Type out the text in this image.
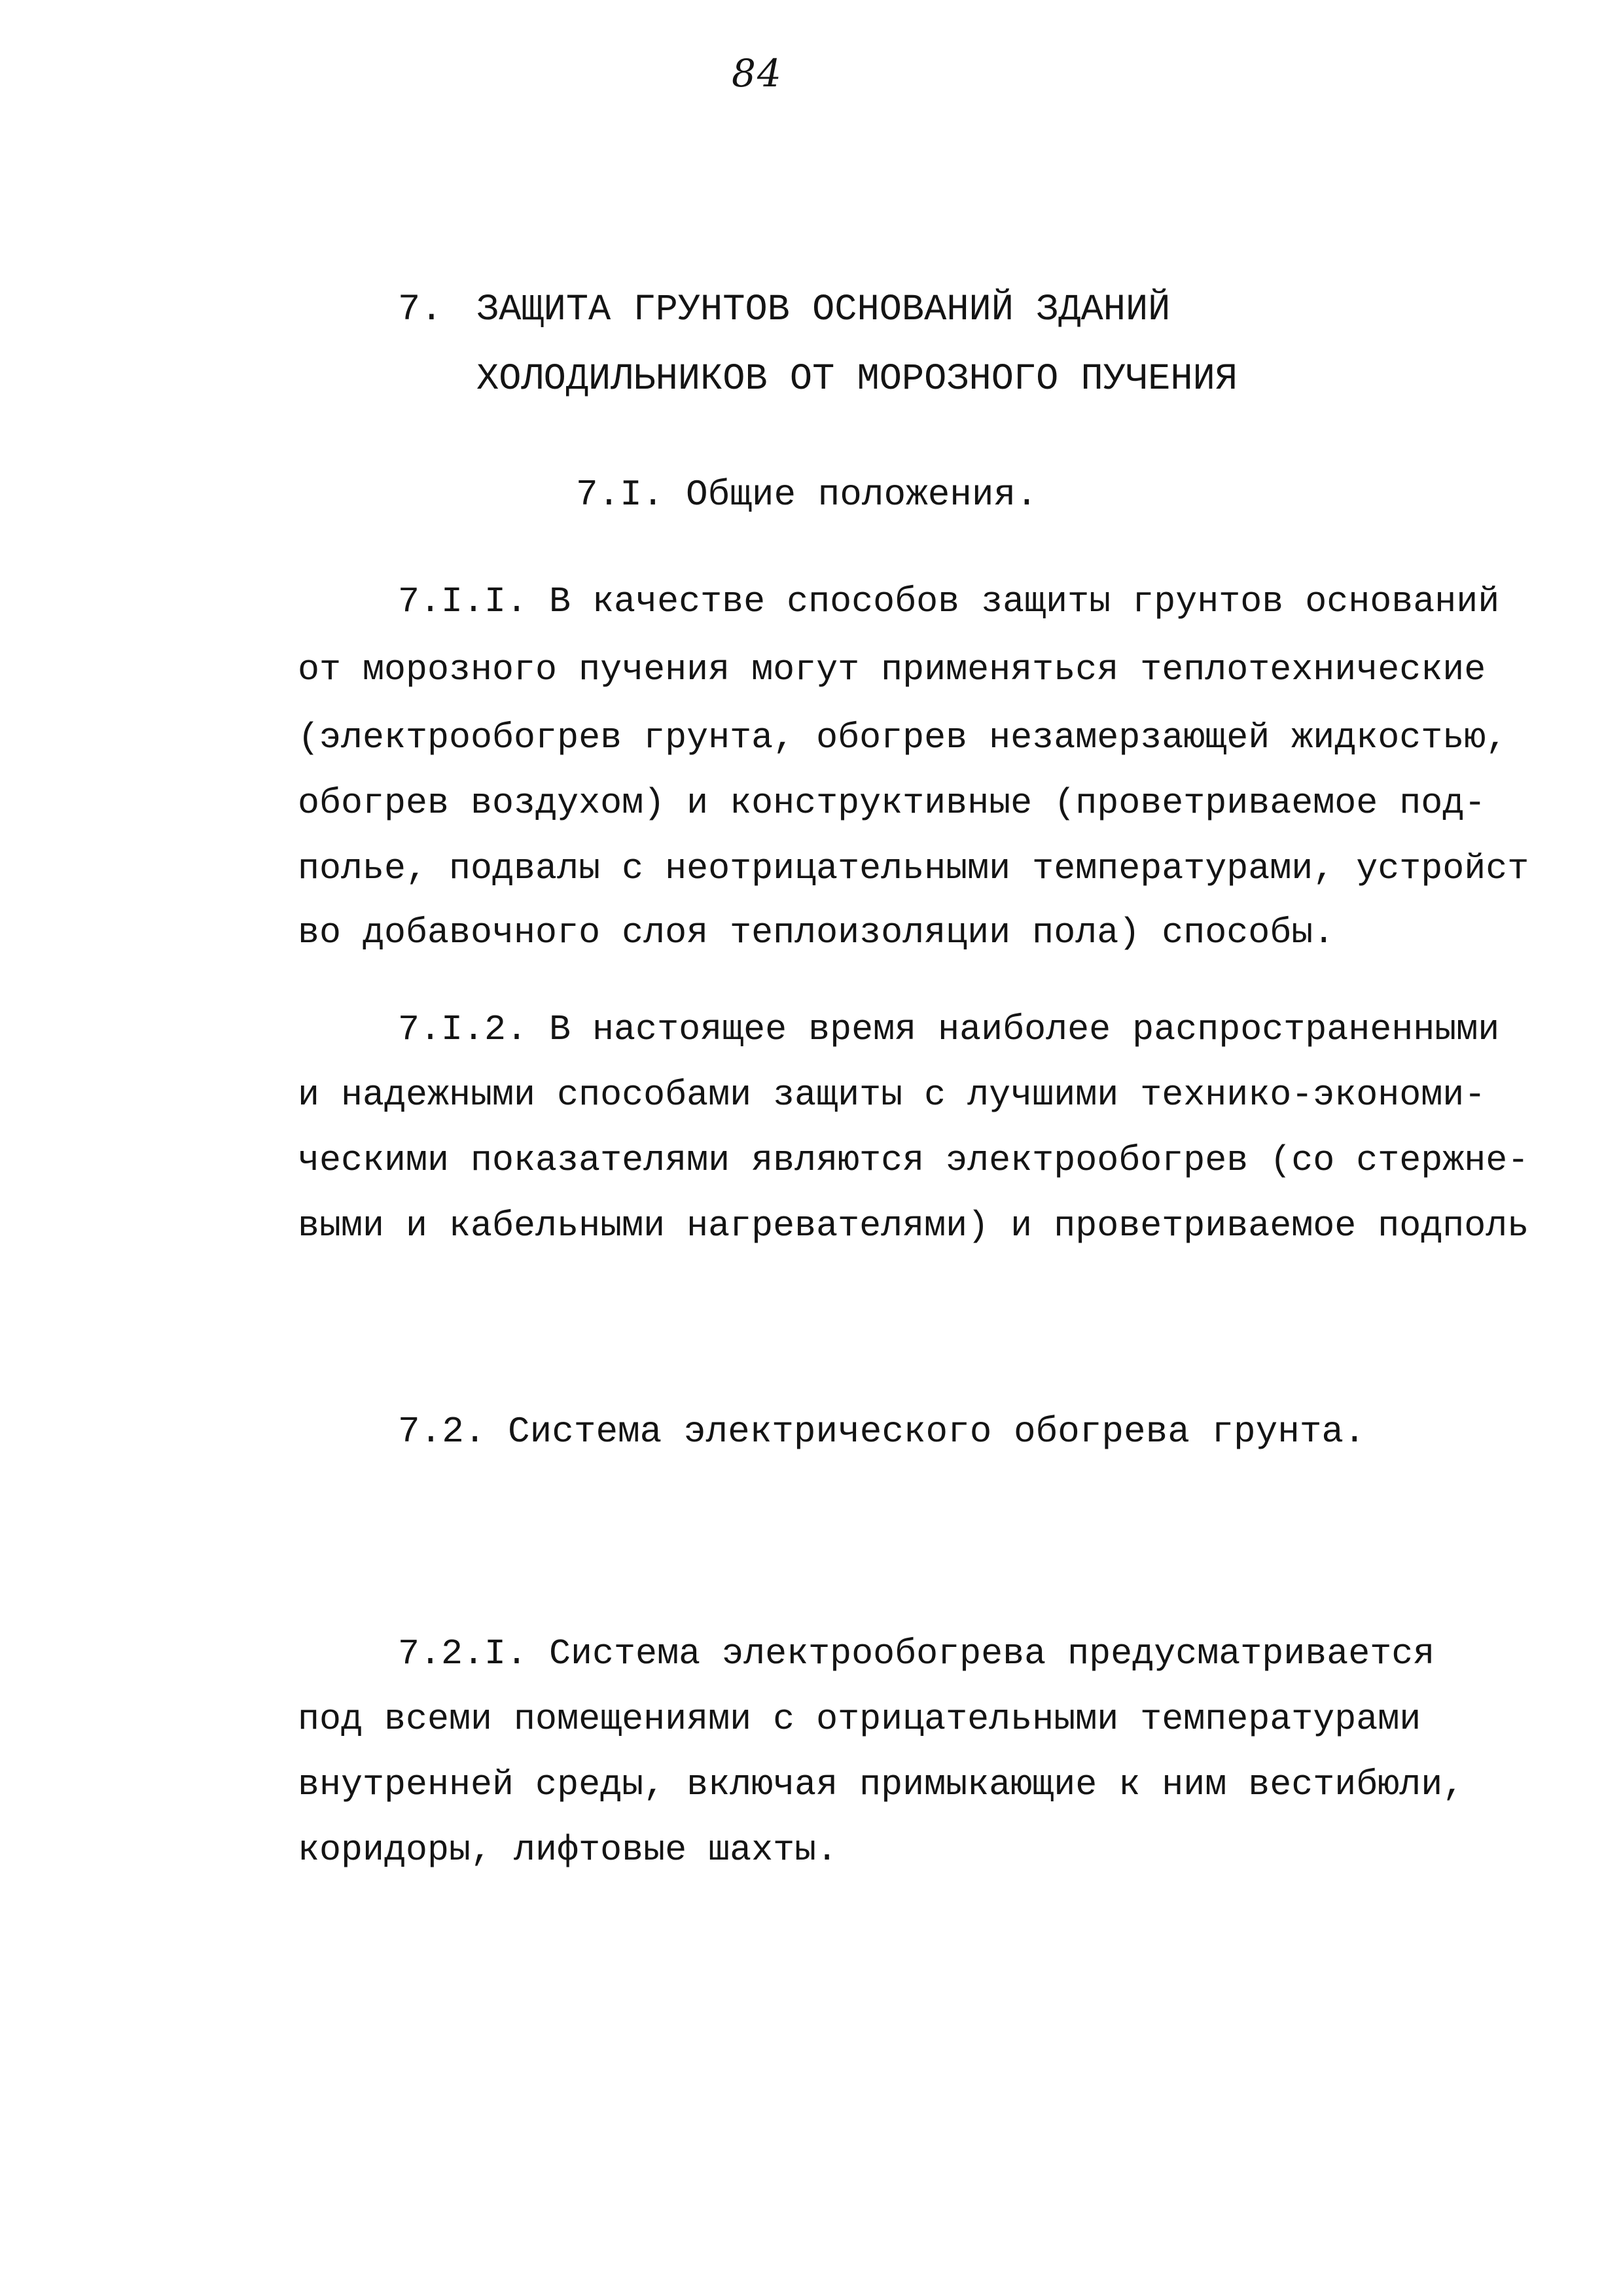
84
7. ЗАЩИТА ГРУНТОВ ОСНОВАНИЙ ЗДАНИЙ
ХОЛОДИЛЬНИКОВ ОТ МОРОЗНОГО ПУЧЕНИЯ
7.I. Общие положения.
7.I.I. В качестве способов защиты грунтов оснований
от морозного пучения могут применяться теплотехнические
(электрообогрев грунта, обогрев незамерзающей жидкостью,
обогрев воздухом) и конструктивные (проветриваемое под-
полье, подвалы с неотрицательными температурами, устройст
во добавочного слоя теплоизоляции пола) способы.
7.I.2. В настоящее время наиболее распространенными
и надежными способами защиты с лучшими технико-экономи-
ческими показателями являются электрообогрев (со стержне-
выми и кабельными нагревателями) и проветриваемое подполь
7.2. Система электрического обогрева грунта.
7.2.I. Система электрообогрева предусматривается
под всеми помещениями с отрицательными температурами
внутренней среды, включая примыкающие к ним вестибюли,
коридоры, лифтовые шахты.
